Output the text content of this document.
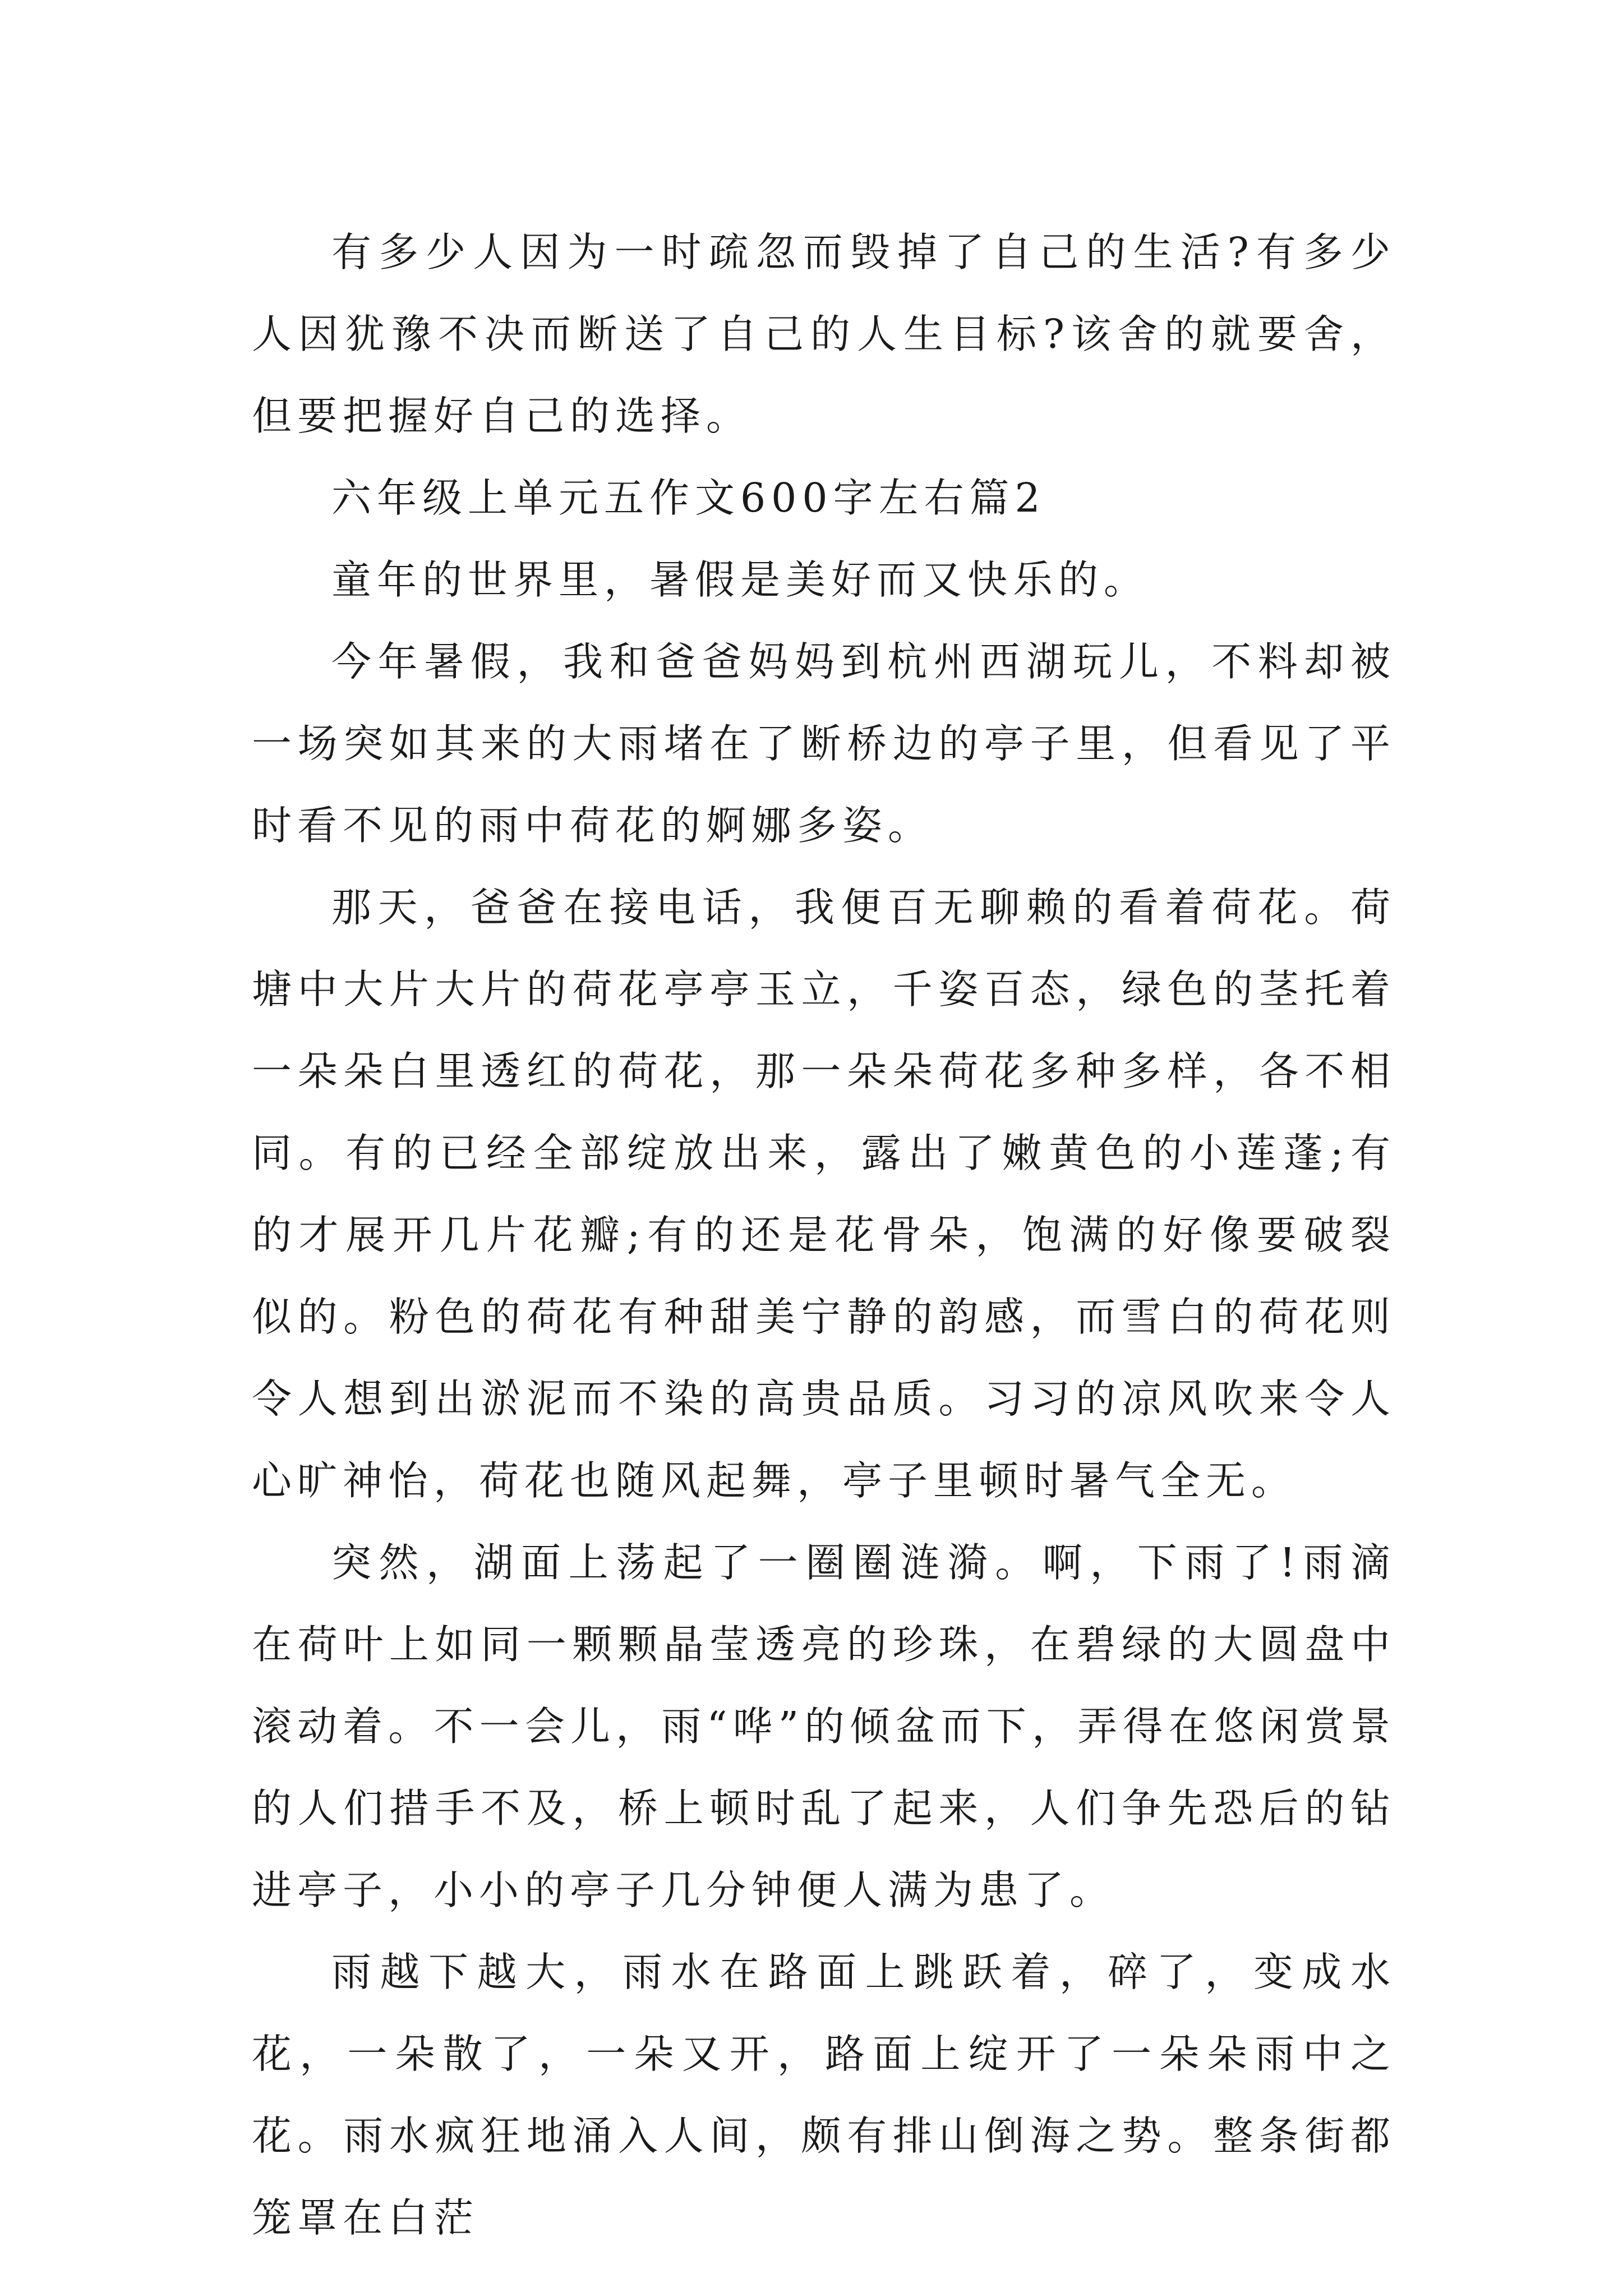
有多少人因为一时疏忽而毁掉了自己的生活?有多少人因犹豫不决而断送了自己的人生目标?该舍的就要舍，但要把握好自己的选择。

六年级上单元五作文600字左右篇2

童年的世界里，暑假是美好而又快乐的。

今年暑假，我和爸爸妈妈到杭州西湖玩儿，不料却被一场突如其来的大雨堵在了断桥边的亭子里，但看见了平时看不见的雨中荷花的婀娜多姿。

那天，爸爸在接电话，我便百无聊赖的看着荷花。荷塘中大片大片的荷花亭亭玉立，千姿百态，绿色的茎托着一朵朵白里透红的荷花，那一朵朵荷花多种多样，各不相同。有的已经全部绽放出来，露出了嫩黄色的小莲蓬;有的才展开几片花瓣;有的还是花骨朵，饱满的好像要破裂似的。粉色的荷花有种甜美宁静的韵感，而雪白的荷花则令人想到出淤泥而不染的高贵品质。习习的凉风吹来令人心旷神怡，荷花也随风起舞，亭子里顿时暑气全无。

突然，湖面上荡起了一圈圈涟漪。啊，下雨了!雨滴在荷叶上如同一颗颗晶莹透亮的珍珠，在碧绿的大圆盘中滚动着。不一会儿，雨“哗”的倾盆而下，弄得在悠闲赏景的人们措手不及，桥上顿时乱了起来，人们争先恐后的钻进亭子，小小的亭子几分钟便人满为患了。

雨越下越大，雨水在路面上跳跃着，碎了，变成水花，一朵散了，一朵又开，路面上绽开了一朵朵雨中之花。雨水疯狂地涌入人间，颇有排山倒海之势。整条街都笼罩在白茫
